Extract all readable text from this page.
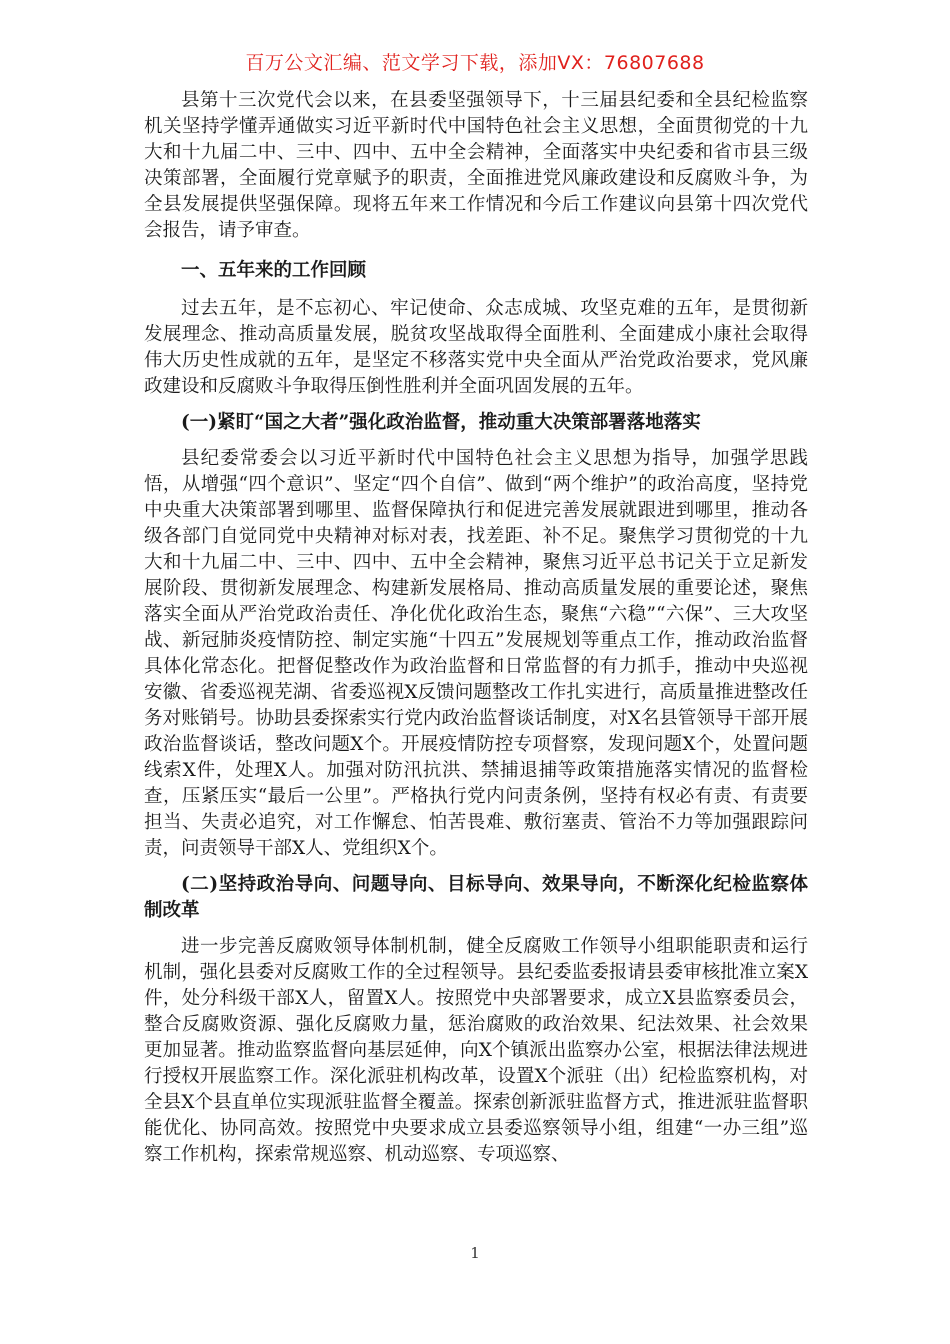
百万公文汇编、范文学习下载，添加VX：76807688

县第十三次党代会以来，在县委坚强领导下，十三届县纪委和全县纪检监察机关坚持学懂弄通做实习近平新时代中国特色社会主义思想，全面贯彻党的十九大和十九届二中、三中、四中、五中全会精神，全面落实中央纪委和省市县三级决策部署，全面履行党章赋予的职责，全面推进党风廉政建设和反腐败斗争，为全县发展提供坚强保障。现将五年来工作情况和今后工作建议向县第十四次党代会报告，请予审查。

一、五年来的工作回顾

过去五年，是不忘初心、牢记使命、众志成城、攻坚克难的五年，是贯彻新发展理念、推动高质量发展，脱贫攻坚战取得全面胜利、全面建成小康社会取得伟大历史性成就的五年，是坚定不移落实党中央全面从严治党政治要求，党风廉政建设和反腐败斗争取得压倒性胜利并全面巩固发展的五年。

(一)紧盯“国之大者”强化政治监督，推动重大决策部署落地落实

县纪委常委会以习近平新时代中国特色社会主义思想为指导，加强学思践悟，从增强“四个意识”、坚定“四个自信”、做到“两个维护”的政治高度，坚持党中央重大决策部署到哪里、监督保障执行和促进完善发展就跟进到哪里，推动各级各部门自觉同党中央精神对标对表，找差距、补不足。聚焦学习贯彻党的十九大和十九届二中、三中、四中、五中全会精神，聚焦习近平总书记关于立足新发展阶段、贯彻新发展理念、构建新发展格局、推动高质量发展的重要论述，聚焦落实全面从严治党政治责任、净化优化政治生态，聚焦“六稳”“六保”、三大攻坚战、新冠肺炎疫情防控、制定实施“十四五”发展规划等重点工作，推动政治监督具体化常态化。把督促整改作为政治监督和日常监督的有力抓手，推动中央巡视安徽、省委巡视芜湖、省委巡视X反馈问题整改工作扎实进行，高质量推进整改任务对账销号。协助县委探索实行党内政治监督谈话制度，对X名县管领导干部开展政治监督谈话，整改问题X个。开展疫情防控专项督察，发现问题X个，处置问题线索X件，处理X人。加强对防汛抗洪、禁捕退捕等政策措施落实情况的监督检查，压紧压实“最后一公里”。严格执行党内问责条例，坚持有权必有责、有责要担当、失责必追究，对工作懈怠、怕苦畏难、敷衍塞责、管治不力等加强跟踪问责，问责领导干部X人、党组织X个。

(二)坚持政治导向、问题导向、目标导向、效果导向，不断深化纪检监察体制改革

进一步完善反腐败领导体制机制，健全反腐败工作领导小组职能职责和运行机制，强化县委对反腐败工作的全过程领导。县纪委监委报请县委审核批准立案X件，处分科级干部X人，留置X人。按照党中央部署要求，成立X县监察委员会，整合反腐败资源、强化反腐败力量，惩治腐败的政治效果、纪法效果、社会效果更加显著。推动监察监督向基层延伸，向X个镇派出监察办公室，根据法律法规进行授权开展监察工作。深化派驻机构改革，设置X个派驻（出）纪检监察机构，对全县X个县直单位实现派驻监督全覆盖。探索创新派驻监督方式，推进派驻监督职能优化、协同高效。按照党中央要求成立县委巡察领导小组，组建“一办三组”巡察工作机构，探索常规巡察、机动巡察、专项巡察、

1
